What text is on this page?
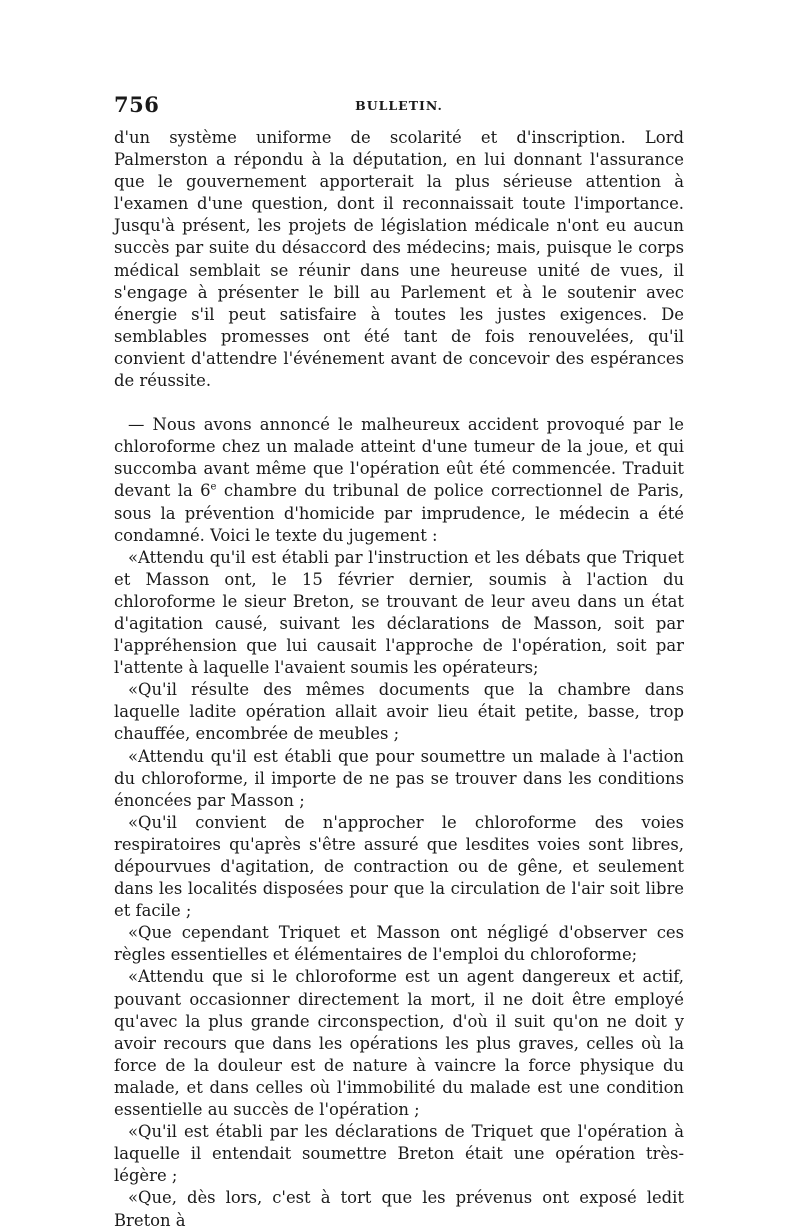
756	BULLETIN.

d'un système uniforme de scolarité et d'inscription. Lord Palmerston a répondu à la députation, en lui donnant l'assurance que le gouvernement apporterait la plus sérieuse attention à l'examen d'une question, dont il reconnaissait toute l'importance. Jusqu'à présent, les projets de législation médicale n'ont eu aucun succès par suite du désaccord des médecins; mais, puisque le corps médical semblait se réunir dans une heureuse unité de vues, il s'engage à présenter le bill au Parlement et à le soutenir avec énergie s'il peut satisfaire à toutes les justes exigences. De semblables promesses ont été tant de fois renouvelées, qu'il convient d'attendre l'événement avant de concevoir des espérances de réussite.

— Nous avons annoncé le malheureux accident provoqué par le chloroforme chez un malade atteint d'une tumeur de la joue, et qui succomba avant même que l'opération eût été commencée. Traduit devant la 6e chambre du tribunal de police correctionnel de Paris, sous la prévention d'homicide par imprudence, le médecin a été condamné. Voici le texte du jugement :

«Attendu qu'il est établi par l'instruction et les débats que Triquet et Masson ont, le 15 février dernier, soumis à l'action du chloroforme le sieur Breton, se trouvant de leur aveu dans un état d'agitation causé, suivant les déclarations de Masson, soit par l'appréhension que lui causait l'approche de l'opération, soit par l'attente à laquelle l'avaient soumis les opérateurs;

«Qu'il résulte des mêmes documents que la chambre dans laquelle ladite opération allait avoir lieu était petite, basse, trop chauffée, encombrée de meubles ;

«Attendu qu'il est établi que pour soumettre un malade à l'action du chloroforme, il importe de ne pas se trouver dans les conditions énoncées par Masson ;

«Qu'il convient de n'approcher le chloroforme des voies respiratoires qu'après s'être assuré que lesdites voies sont libres, dépourvues d'agitation, de contraction ou de gêne, et seulement dans les localités disposées pour que la circulation de l'air soit libre et facile ;

«Que cependant Triquet et Masson ont négligé d'observer ces règles essentielles et élémentaires de l'emploi du chloroforme;

«Attendu que si le chloroforme est un agent dangereux et actif, pouvant occasionner directement la mort, il ne doit être employé qu'avec la plus grande circonspection, d'où il suit qu'on ne doit y avoir recours que dans les opérations les plus graves, celles où la force de la douleur est de nature à vaincre la force physique du malade, et dans celles où l'immobilité du malade est une condition essentielle au succès de l'opération ;

«Qu'il est établi par les déclarations de Triquet que l'opération à laquelle il entendait soumettre Breton était une opération très-légère ;

«Que, dès lors, c'est à tort que les prévenus ont exposé ledit Breton à
